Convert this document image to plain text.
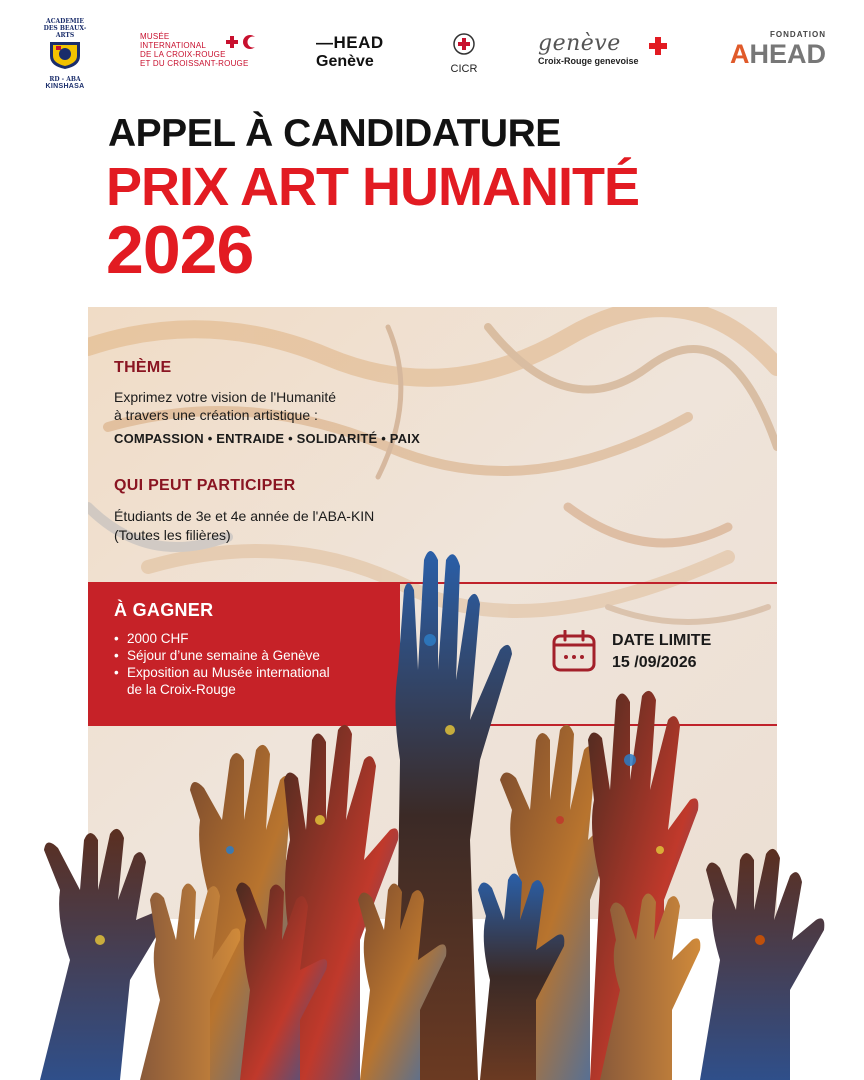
ACADEMIE DES BEAUX-ARTS
RD - ABA
KINSHASA
MUSÉE
INTERNATIONAL
DE LA CROIX-ROUGE
ET DU CROISSANT-ROUGE
—HEAD
Genève	CICR
genève
Croix-Rouge genevoise
FONDATION
AHEAD
APPEL À CANDIDATURE
PRIX ART HUMANITÉ
2026
THÈME
Exprimez votre vision de l'Humanité
à travers une création artistique :
COMPASSION • ENTRAIDE • SOLIDARITÉ • PAIX
QUI PEUT PARTICIPER
Étudiants de 3e et 4e année de l'ABA-KIN
(Toutes les filières)
À GAGNER
• 2000 CHF
• Séjour d’une semaine à Genève
• Exposition au Musée international
de la Croix-Rouge
DATE LIMITE
15 /09/2026
